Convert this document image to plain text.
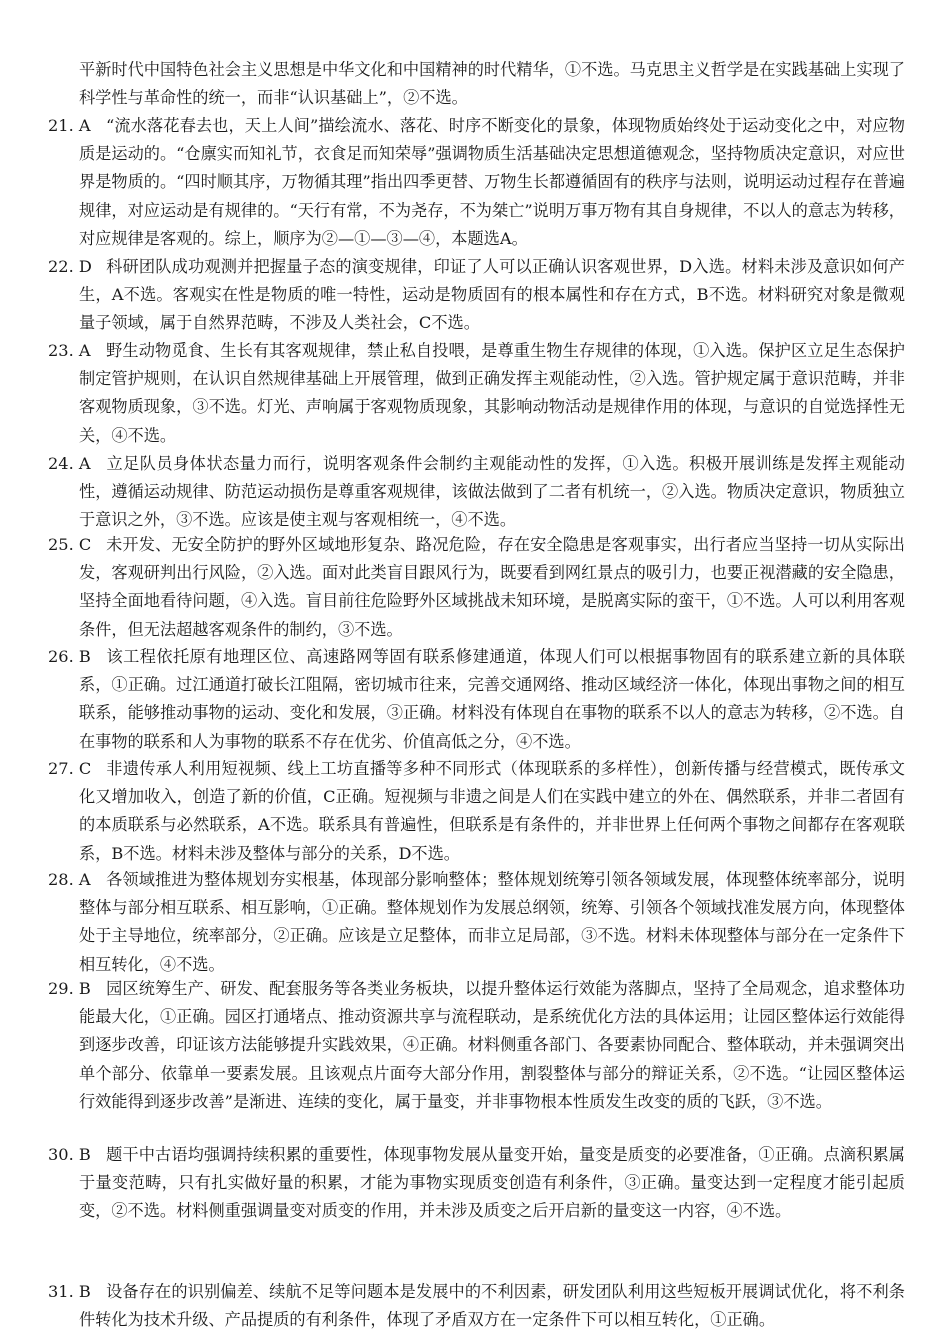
平新时代中国特色社会主义思想是中华文化和中国精神的时代精华，①不选。马克思主义哲学是在实践基础上实现了科学性与革命性的统一，而非“认识基础上”，②不选。
21. A “流水落花春去也，天上人间”描绘流水、落花、时序不断变化的景象，体现物质始终处于运动变化之中，对应物质是运动的。“仓廪实而知礼节，衣食足而知荣辱”强调物质生活基础决定思想道德观念，坚持物质决定意识，对应世界是物质的。“四时顺其序，万物循其理”指出四季更替、万物生长都遵循固有的秩序与法则，说明运动过程存在普遍规律，对应运动是有规律的。“天行有常，不为尧存，不为桀亡”说明万事万物有其自身规律，不以人的意志为转移，对应规律是客观的。综上，顺序为②—①—③—④，本题选A。
22. D 科研团队成功观测并把握量子态的演变规律，印证了人可以正确认识客观世界，D入选。材料未涉及意识如何产生，A不选。客观实在性是物质的唯一特性，运动是物质固有的根本属性和存在方式，B不选。材料研究对象是微观量子领域，属于自然界范畴，不涉及人类社会，C不选。
23. A 野生动物觅食、生长有其客观规律，禁止私自投喂，是尊重生物生存规律的体现，①入选。保护区立足生态保护制定管护规则，在认识自然规律基础上开展管理，做到正确发挥主观能动性，②入选。管护规定属于意识范畴，并非客观物质现象，③不选。灯光、声响属于客观物质现象，其影响动物活动是规律作用的体现，与意识的自觉选择性无关，④不选。
24. A 立足队员身体状态量力而行，说明客观条件会制约主观能动性的发挥，①入选。积极开展训练是发挥主观能动性，遵循运动规律、防范运动损伤是尊重客观规律，该做法做到了二者有机统一，②入选。物质决定意识，物质独立于意识之外，③不选。应该是使主观与客观相统一，④不选。
25. C 未开发、无安全防护的野外区域地形复杂、路况危险，存在安全隐患是客观事实，出行者应当坚持一切从实际出发，客观研判出行风险，②入选。面对此类盲目跟风行为，既要看到网红景点的吸引力，也要正视潜藏的安全隐患，坚持全面地看待问题，④入选。盲目前往危险野外区域挑战未知环境，是脱离实际的蛮干，①不选。人可以利用客观条件，但无法超越客观条件的制约，③不选。
26. B 该工程依托原有地理区位、高速路网等固有联系修建通道，体现人们可以根据事物固有的联系建立新的具体联系，①正确。过江通道打破长江阻隔，密切城市往来，完善交通网络、推动区域经济一体化，体现出事物之间的相互联系，能够推动事物的运动、变化和发展，③正确。材料没有体现自在事物的联系不以人的意志为转移，②不选。自在事物的联系和人为事物的联系不存在优劣、价值高低之分，④不选。
27. C 非遗传承人利用短视频、线上工坊直播等多种不同形式（体现联系的多样性），创新传播与经营模式，既传承文化又增加收入，创造了新的价值，C正确。短视频与非遗之间是人们在实践中建立的外在、偶然联系，并非二者固有的本质联系与必然联系，A不选。联系具有普遍性，但联系是有条件的，并非世界上任何两个事物之间都存在客观联系，B不选。材料未涉及整体与部分的关系，D不选。
28. A 各领域推进为整体规划夯实根基，体现部分影响整体；整体规划统筹引领各领域发展，体现整体统率部分，说明整体与部分相互联系、相互影响，①正确。整体规划作为发展总纲领，统筹、引领各个领域找准发展方向，体现整体处于主导地位，统率部分，②正确。应该是立足整体，而非立足局部，③不选。材料未体现整体与部分在一定条件下相互转化，④不选。
29. B 园区统筹生产、研发、配套服务等各类业务板块，以提升整体运行效能为落脚点，坚持了全局观念，追求整体功能最大化，①正确。园区打通堵点、推动资源共享与流程联动，是系统优化方法的具体运用；让园区整体运行效能得到逐步改善，印证该方法能够提升实践效果，④正确。材料侧重各部门、各要素协同配合、整体联动，并未强调突出单个部分、依靠单一要素发展。且该观点片面夸大部分作用，割裂整体与部分的辩证关系，②不选。“让园区整体运行效能得到逐步改善”是渐进、连续的变化，属于量变，并非事物根本性质发生改变的质的飞跃，③不选。
30. B 题干中古语均强调持续积累的重要性，体现事物发展从量变开始，量变是质变的必要准备，①正确。点滴积累属于量变范畴，只有扎实做好量的积累，才能为事物实现质变创造有利条件，③正确。量变达到一定程度才能引起质变，②不选。材料侧重强调量变对质变的作用，并未涉及质变之后开启新的量变这一内容，④不选。
31. B 设备存在的识别偏差、续航不足等问题本是发展中的不利因素，研发团队利用这些短板开展调试优化，将不利条件转化为技术升级、产品提质的有利条件，体现了矛盾双方在一定条件下可以相互转化，①正确。
